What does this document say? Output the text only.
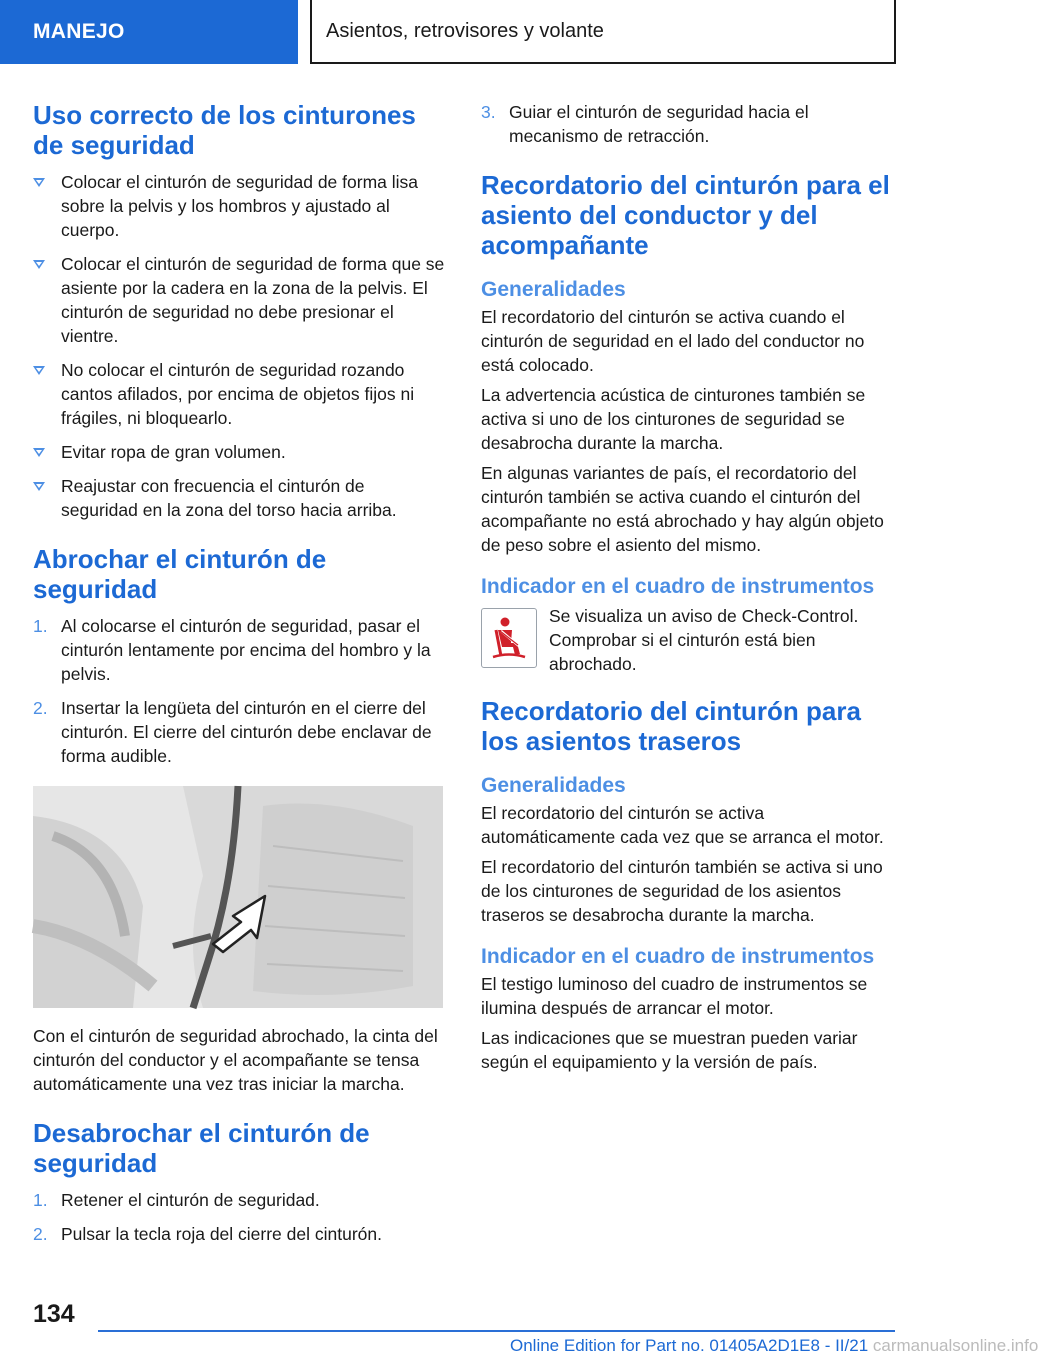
MANEJO	Asientos, retrovisores y volante
Uso correcto de los cinturones de seguridad
Colocar el cinturón de seguridad de forma lisa sobre la pelvis y los hombros y ajustado al cuerpo.
Colocar el cinturón de seguridad de forma que se asiente por la cadera en la zona de la pelvis. El cinturón de seguridad no debe presionar el vientre.
No colocar el cinturón de seguridad rozando cantos afilados, por encima de objetos fijos ni frágiles, ni bloquearlo.
Evitar ropa de gran volumen.
Reajustar con frecuencia el cinturón de seguridad en la zona del torso hacia arriba.
Abrochar el cinturón de seguridad
1. Al colocarse el cinturón de seguridad, pasar el cinturón lentamente por encima del hombro y la pelvis.
2. Insertar la lengüeta del cinturón en el cierre del cinturón. El cierre del cinturón debe enclavar de forma audible.

Con el cinturón de seguridad abrochado, la cinta del cinturón del conductor y el acompañante se tensa automáticamente una vez tras iniciar la marcha.

Desabrochar el cinturón de seguridad
1. Retener el cinturón de seguridad.
2. Pulsar la tecla roja del cierre del cinturón.
3. Guiar el cinturón de seguridad hacia el mecanismo de retracción.
Recordatorio del cinturón para el asiento del conductor y del acompañante
Generalidades

El recordatorio del cinturón se activa cuando el cinturón de seguridad en el lado del conductor no está colocado.

La advertencia acústica de cinturones también se activa si uno de los cinturones de seguridad se desabrocha durante la marcha.

En algunas variantes de país, el recordatorio del cinturón también se activa cuando el cinturón del acompañante no está abrochado y hay algún objeto de peso sobre el asiento del mismo.

Indicador en el cuadro de instrumentos

Se visualiza un aviso de Check-Control. Comprobar si el cinturón está bien abrochado.

Recordatorio del cinturón para los asientos traseros
Generalidades

El recordatorio del cinturón se activa automáticamente cada vez que se arranca el motor.

El recordatorio del cinturón también se activa si uno de los cinturones de seguridad de los asientos traseros se desabrocha durante la marcha.

Indicador en el cuadro de instrumentos

El testigo luminoso del cuadro de instrumentos se ilumina después de arrancar el motor.

Las indicaciones que se muestran pueden variar según el equipamiento y la versión de país.

134
Online Edition for Part no. 01405A2D1E8 - II/21 carmanualsonline.info
